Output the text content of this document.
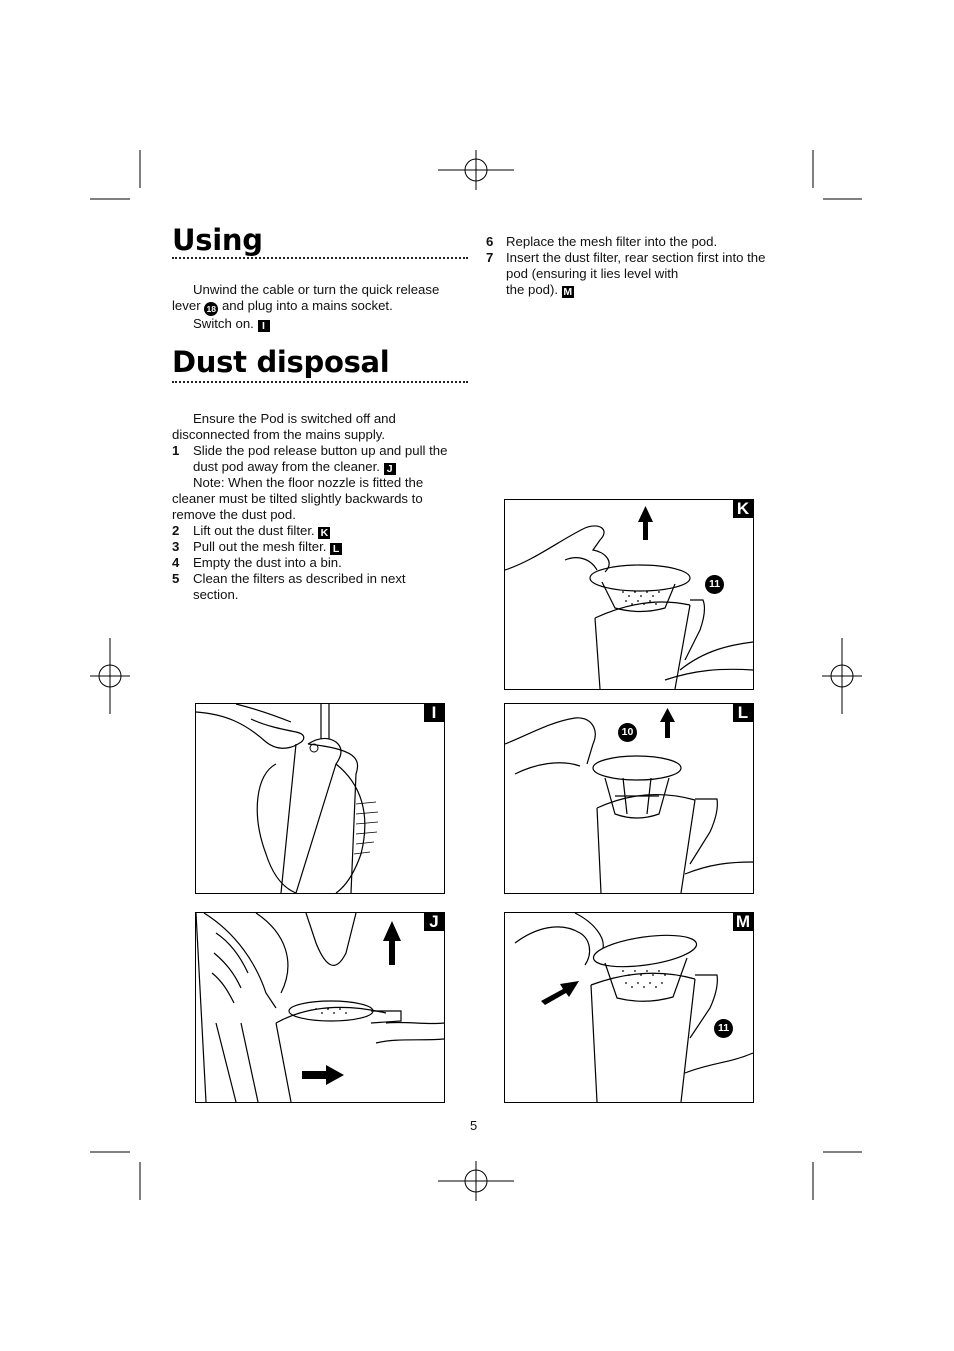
Using
Unwind the cable or turn the quick release
lever 18 and plug into a mains socket.
Switch on. I
Dust disposal
Ensure the Pod is switched off and
disconnected from the mains supply.
1 Slide the pod release button up and pull the
dust pod away from the cleaner. J
Note: When the floor nozzle is fitted the
cleaner must be tilted slightly backwards to
remove the dust pod.
2 Lift out the dust filter. K
3 Pull out the mesh filter. L
4 Empty the dust into a bin.
5 Clean the filters as described in next
section.
6 Replace the mesh filter into the pod.
7 Insert the dust filter, rear section first into the
pod (ensuring it lies level with
the pod). M
K
11
I	L
10
J	M
11
5
